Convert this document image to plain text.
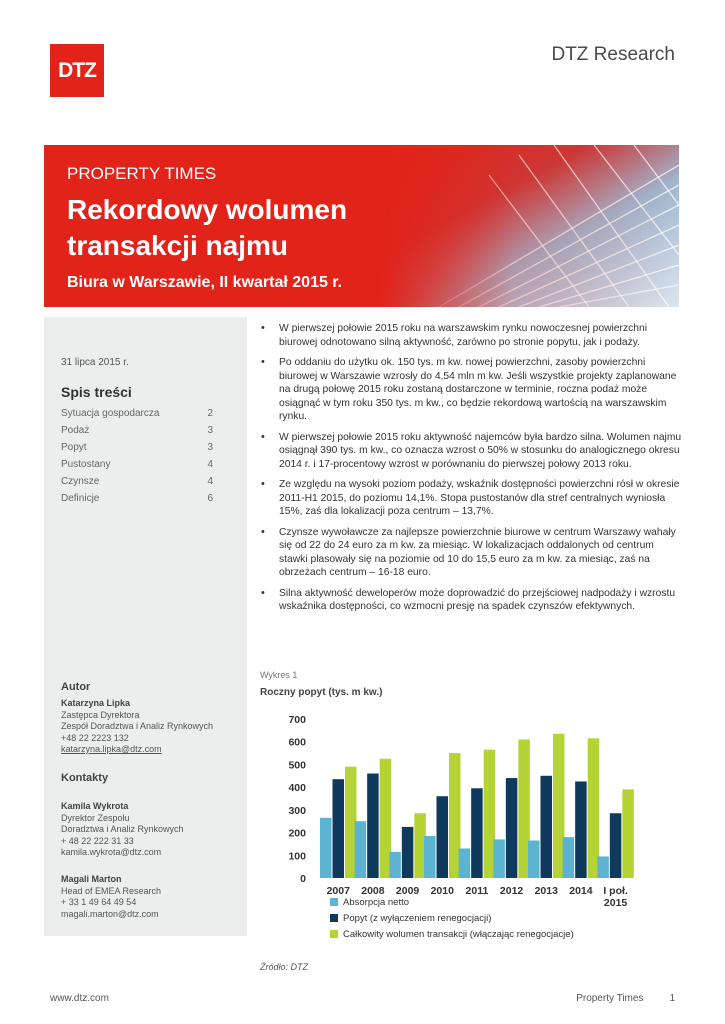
DTZ
DTZ Research
PROPERTY TIMES
Rekordowy wolumen
transakcji najmu
Biura w Warszawie, II kwartał 2015 r.
31 lipca 2015 r.
Spis treści
Sytuacja gospodarcza	2
Podaż	3
Popyt	3
Pustostany	4
Czynsze	4
Definicje	6
Autor
Katarzyna Lipka
Zastępca Dyrektora
Zespół Doradztwa i Analiz Rynkowych
+48 22 2223 132
katarzyna.lipka@dtz.com
Kontakty
Kamila Wykrota
Dyrektor Zespołu
Doradztwa i Analiz Rynkowych
+ 48 22 222 31 33
kamila.wykrota@dtz.com
Magali Marton
Head of EMEA Research
+ 33 1 49 64 49 54
magali.marton@dtz.com
• W pierwszej połowie 2015 roku na warszawskim rynku nowoczesnej powierzchni biurowej odnotowano silną aktywność, zarówno po stronie popytu, jak i podaży.
• Po oddaniu do użytku ok. 150 tys. m kw. nowej powierzchni, zasoby powierzchni biurowej w Warszawie wzrosły do 4,54 mln m kw. Jeśli wszystkie projekty zaplanowane na drugą połowę 2015 roku zostaną dostarczone w terminie, roczna podaż może osiągnąć w tym roku 350 tys. m kw., co będzie rekordową wartością na warszawskim rynku.
• W pierwszej połowie 2015 roku aktywność najemców była bardzo silna. Wolumen najmu osiągnął 390 tys. m kw., co oznacza wzrost o 50% w stosunku do analogicznego okresu 2014 r. i 17-procentowy wzrost w porównaniu do pierwszej połowy 2013 roku.
• Ze względu na wysoki poziom podaży, wskaźnik dostępności powierzchni rósł w okresie 2011-H1 2015, do poziomu 14,1%. Stopa pustostanów dla stref centralnych wyniosła 15%, zaś dla lokalizacji poza centrum – 13,7%.
• Czynsze wywoławcze za najlepsze powierzchnie biurowe w centrum Warszawy wahały się od 22 do 24 euro za m kw. za miesiąc. W lokalizacjach oddalonych od centrum stawki plasowały się na poziomie od 10 do 15,5 euro za m kw. za miesiąc, zaś na obrzeżach centrum – 16-18 euro.
• Silna aktywność deweloperów może doprowadzić do przejściowej nadpodaży i wzrostu wskaźnika dostępności, co wzmocni presję na spadek czynszów efektywnych.
Wykres 1
Roczny popyt (tys. m kw.)
0
100
200
300
400
500
600
700
2007 2008 2009 2010 2011 2012 2013 2014 I poł.
2015
Absorpcja netto
Popyt (z wyłączeniem renegocjacji)
Całkowity wolumen transakcji (włączając renegocjacje)
Źródło: DTZ
www.dtz.com	Property Times	1
